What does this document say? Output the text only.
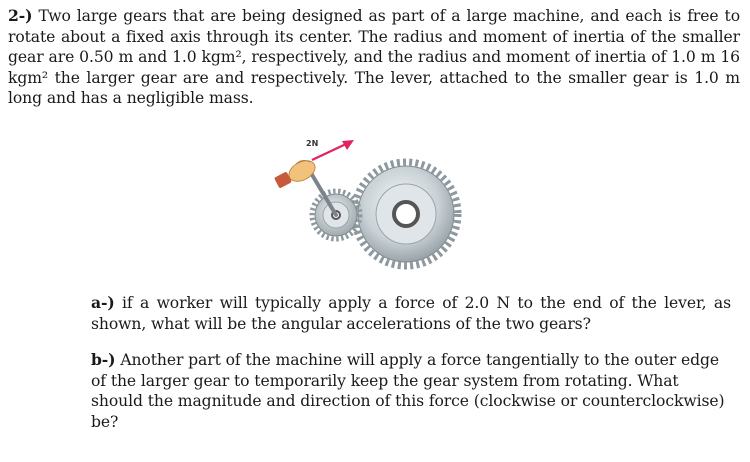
2-) Two large gears that are being designed as part of a large machine, and each is free to rotate about a fixed axis through its center. The radius and moment of inertia of the smaller gear are 0.50 m and 1.0 kgm², respectively, and the radius and moment of inertia of 1.0 m 16 kgm² the larger gear are and respectively. The lever, attached to the smaller gear is 1.0 m long and has a negligible mass.

2N

a-) if a worker will typically apply a force of 2.0 N to the end of the lever, as shown, what will be the angular accelerations of the two gears?

b-) Another part of the machine will apply a force tangentially to the outer edge of the larger gear to temporarily keep the gear system from rotating. What should the magnitude and direction of this force (clockwise or counterclockwise) be?
